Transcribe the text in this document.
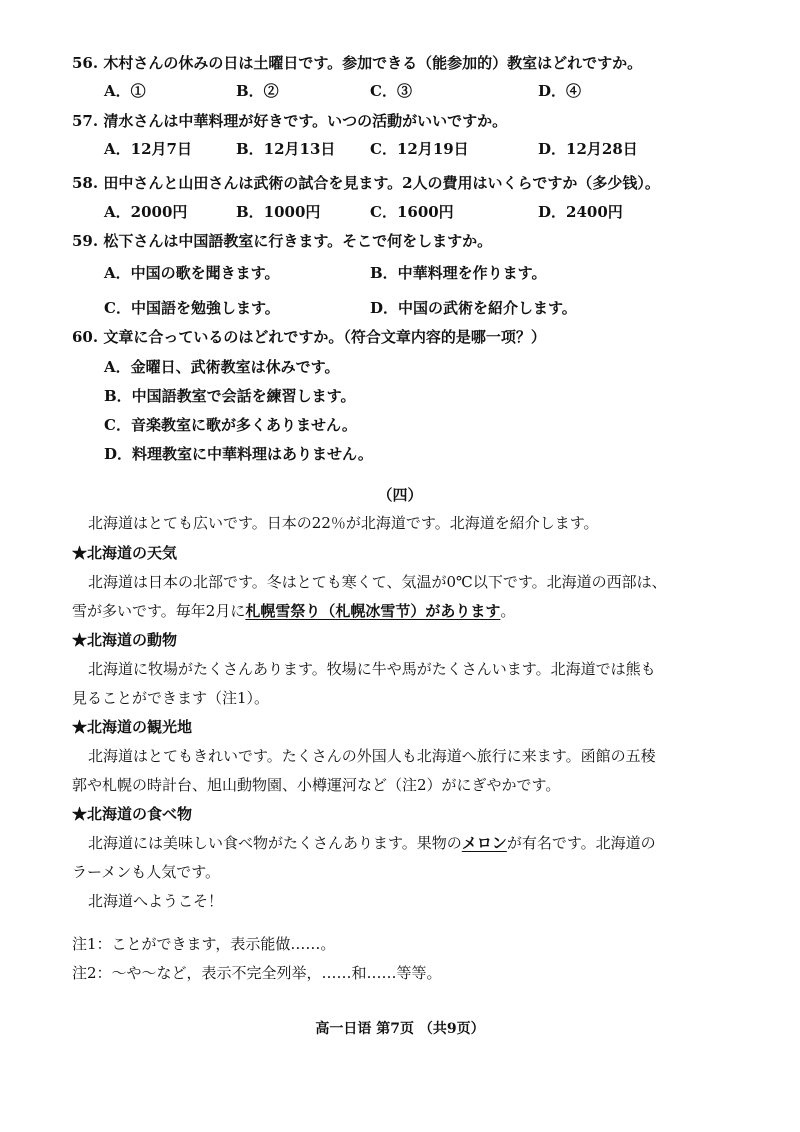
56. 木村さんの休みの日は土曜日です。参加できる（能参加的）教室はどれですか。
A．①	B．②	C．③	D．④
57. 清水さんは中華料理が好きです。いつの活動がいいですか。
A．12月7日	B．12月13日 C．12月19日	D．12月28日
58. 田中さんと山田さんは武術の試合を見ます。2人の費用はいくらですか（多少钱）。
A．2000円	B．1000円	C．1600円	D．2400円
59. 松下さんは中国語教室に行きます。そこで何をしますか。
A．中国の歌を聞きます。	B．中華料理を作ります。
C．中国語を勉強します。	D．中国の武術を紹介します。
60. 文章に合っているのはどれですか。（符合文章内容的是哪一项？）
A．金曜日、武術教室は休みです。
B．中国語教室で会話を練習します。
C．音楽教室に歌が多くありません。
D．料理教室に中華料理はありません。
（四）
北海道はとても広いです。日本の22％が北海道です。北海道を紹介します。
★北海道の天気
北海道は日本の北部です。冬はとても寒くて、気温が0℃以下です。北海道の西部は、
雪が多いです。毎年2月に札幌雪祭り（札幌冰雪节）があります。
★北海道の動物
北海道に牧場がたくさんあります。牧場に牛や馬がたくさんいます。北海道では熊も
見ることができます（注1）。
★北海道の観光地
北海道はとてもきれいです。たくさんの外国人も北海道へ旅行に来ます。函館の五稜
郭や札幌の時計台、旭山動物園、小樽運河など（注2）がにぎやかです。
★北海道の食べ物
北海道には美味しい食べ物がたくさんあります。果物のメロンが有名です。北海道の
ラーメンも人気です。
北海道へようこそ！
注1：ことができます，表示能做……。
注2：～や～など，表示不完全列举，……和……等等。
高一日语 第7页 （共9页）
